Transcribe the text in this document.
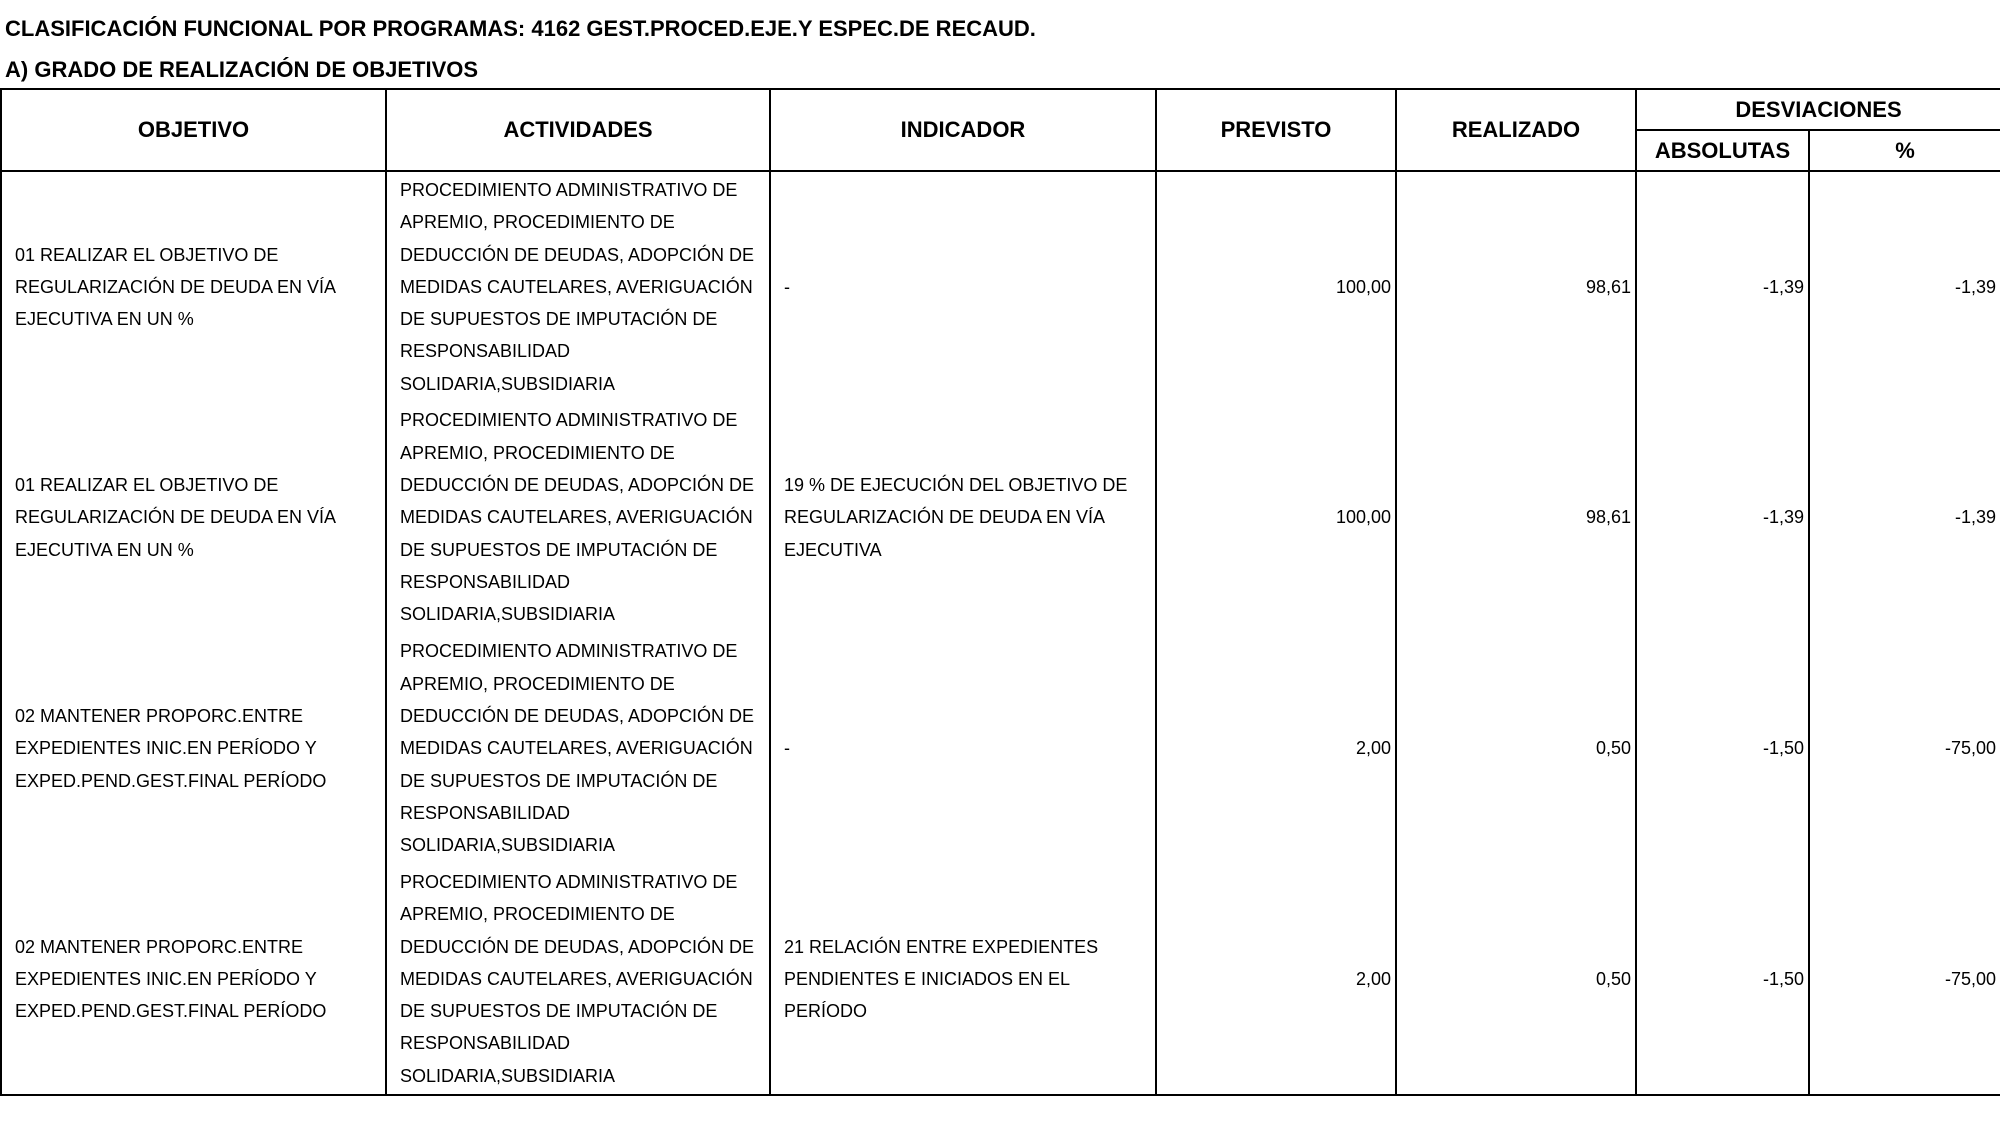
CLASIFICACIÓN FUNCIONAL POR PROGRAMAS: 4162 GEST.PROCED.EJE.Y ESPEC.DE RECAUD.
A) GRADO DE REALIZACIÓN DE OBJETIVOS
OBJETIVO	ACTIVIDADES	INDICADOR	PREVISTO	REALIZADO	DESVIACIONES	
					ABSOLUTAS	%
01 REALIZAR EL OBJETIVO DE REGULARIZACIÓN DE DEUDA EN VÍA EJECUTIVA EN UN %	PROCEDIMIENTO ADMINISTRATIVO DE APREMIO, PROCEDIMIENTO DE DEDUCCIÓN DE DEUDAS, ADOPCIÓN DE MEDIDAS CAUTELARES, AVERIGUACIÓN DE SUPUESTOS DE IMPUTACIÓN DE RESPONSABILIDAD SOLIDARIA,SUBSIDIARIA	-	100,00	98,61	-1,39	-1,39
01 REALIZAR EL OBJETIVO DE REGULARIZACIÓN DE DEUDA EN VÍA EJECUTIVA EN UN %	PROCEDIMIENTO ADMINISTRATIVO DE APREMIO, PROCEDIMIENTO DE DEDUCCIÓN DE DEUDAS, ADOPCIÓN DE MEDIDAS CAUTELARES, AVERIGUACIÓN DE SUPUESTOS DE IMPUTACIÓN DE RESPONSABILIDAD SOLIDARIA,SUBSIDIARIA	19 % DE EJECUCIÓN DEL OBJETIVO DE REGULARIZACIÓN DE DEUDA EN VÍA EJECUTIVA	100,00	98,61	-1,39	-1,39
02 MANTENER PROPORC.ENTRE EXPEDIENTES INIC.EN PERÍODO Y EXPED.PEND.GEST.FINAL PERÍODO	PROCEDIMIENTO ADMINISTRATIVO DE APREMIO, PROCEDIMIENTO DE DEDUCCIÓN DE DEUDAS, ADOPCIÓN DE MEDIDAS CAUTELARES, AVERIGUACIÓN DE SUPUESTOS DE IMPUTACIÓN DE RESPONSABILIDAD SOLIDARIA,SUBSIDIARIA	-	2,00	0,50	-1,50	-75,00
02 MANTENER PROPORC.ENTRE EXPEDIENTES INIC.EN PERÍODO Y EXPED.PEND.GEST.FINAL PERÍODO	PROCEDIMIENTO ADMINISTRATIVO DE APREMIO, PROCEDIMIENTO DE DEDUCCIÓN DE DEUDAS, ADOPCIÓN DE MEDIDAS CAUTELARES, AVERIGUACIÓN DE SUPUESTOS DE IMPUTACIÓN DE RESPONSABILIDAD SOLIDARIA,SUBSIDIARIA	21 RELACIÓN ENTRE EXPEDIENTES PENDIENTES E INICIADOS EN EL PERÍODO	2,00	0,50	-1,50	-75,00
